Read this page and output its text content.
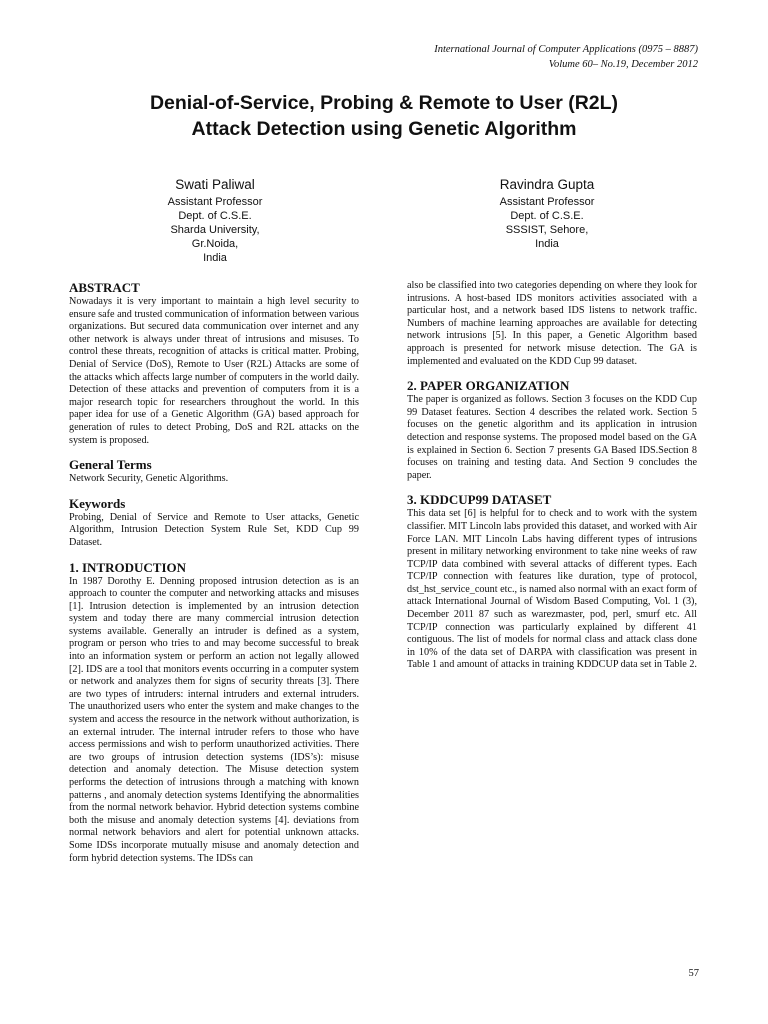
International Journal of Computer Applications (0975 – 8887)
Volume 60– No.19, December 2012
Denial-of-Service, Probing & Remote to User (R2L)
Attack Detection using Genetic Algorithm
Swati Paliwal
Assistant Professor
Dept. of C.S.E.
Sharda University,
Gr.Noida,
India
Ravindra Gupta
Assistant Professor
Dept. of C.S.E.
SSSIST, Sehore,
India
ABSTRACT

Nowadays it is very important to maintain a high level security to ensure safe and trusted communication of information between various organizations. But secured data communication over internet and any other network is always under threat of intrusions and misuses. To control these threats, recognition of attacks is critical matter. Probing, Denial of Service (DoS), Remote to User (R2L) Attacks are some of the attacks which affects large number of computers in the world daily. Detection of these attacks and prevention of computers from it is a major research topic for researchers throughout the world. In this paper idea for use of a Genetic Algorithm (GA) based approach for generation of rules to detect Probing, DoS and R2L attacks on the system is proposed.

General Terms

Network Security, Genetic Algorithms.

Keywords

Probing, Denial of Service and Remote to User attacks, Genetic Algorithm, Intrusion Detection System Rule Set, KDD Cup 99 Dataset.

1. INTRODUCTION

In 1987 Dorothy E. Denning proposed intrusion detection as is an approach to counter the computer and networking attacks and misuses [1]. Intrusion detection is implemented by an intrusion detection system and today there are many commercial intrusion detection systems available. Generally an intruder is defined as a system, program or person who tries to and may become successful to break into an information system or perform an action not legally allowed [2]. IDS are a tool that monitors events occurring in a computer system or network and analyzes them for signs of security threats [3]. There are two types of intruders: internal intruders and external intruders. The unauthorized users who enter the system and make changes to the system and access the resource in the network without authorization, is an external intruder. The internal intruder refers to those who have access permissions and wish to perform unauthorized activities. There are two groups of intrusion detection systems (IDS’s): misuse detection and anomaly detection. The Misuse detection system performs the detection of intrusions through a matching with known patterns , and anomaly detection systems Identifying the abnormalities from the normal network behavior. Hybrid detection systems combine both the misuse and anomaly detection systems [4]. deviations from normal network behaviors and alert for potential unknown attacks. Some IDSs incorporate mutually misuse and anomaly detection and form hybrid detection systems. The IDSs can

also be classified into two categories depending on where they look for intrusions. A host-based IDS monitors activities associated with a particular host, and a network based IDS listens to network traffic. Numbers of machine learning approaches are available for detecting network intrusions [5]. In this paper, a Genetic Algorithm based approach is presented for network misuse detection. The GA is implemented and evaluated on the KDD Cup 99 dataset.

2. PAPER ORGANIZATION

The paper is organized as follows. Section 3 focuses on the KDD Cup 99 Dataset features. Section 4 describes the related work. Section 5 focuses on the genetic algorithm and its application in intrusion detection and response systems. The proposed model based on the GA is explained in Section 6. Section 7 presents GA Based IDS.Section 8 focuses on training and testing data. And Section 9 concludes the paper.

3. KDDCUP99 DATASET

This data set [6] is helpful for to check and to work with the system classifier. MIT Lincoln labs provided this dataset, and worked with Air Force LAN. MIT Lincoln Labs having different types of intrusions present in military networking environment to take nine weeks of raw TCP/IP data combined with several attacks of different types. Each TCP/IP connection with features like duration, type of protocol, dst_hst_service_count etc., is named also normal with an exact form of attack International Journal of Wisdom Based Computing, Vol. 1 (3), December 2011 87 such as warezmaster, pod, perl, smurf etc. All TCP/IP connection was particularly explained by different 41 contiguous. The list of models for normal class and attack class done in 10% of the data set of DARPA with classification was present in Table 1 and amount of attacks in training KDDCUP data set in Table 2.

57
